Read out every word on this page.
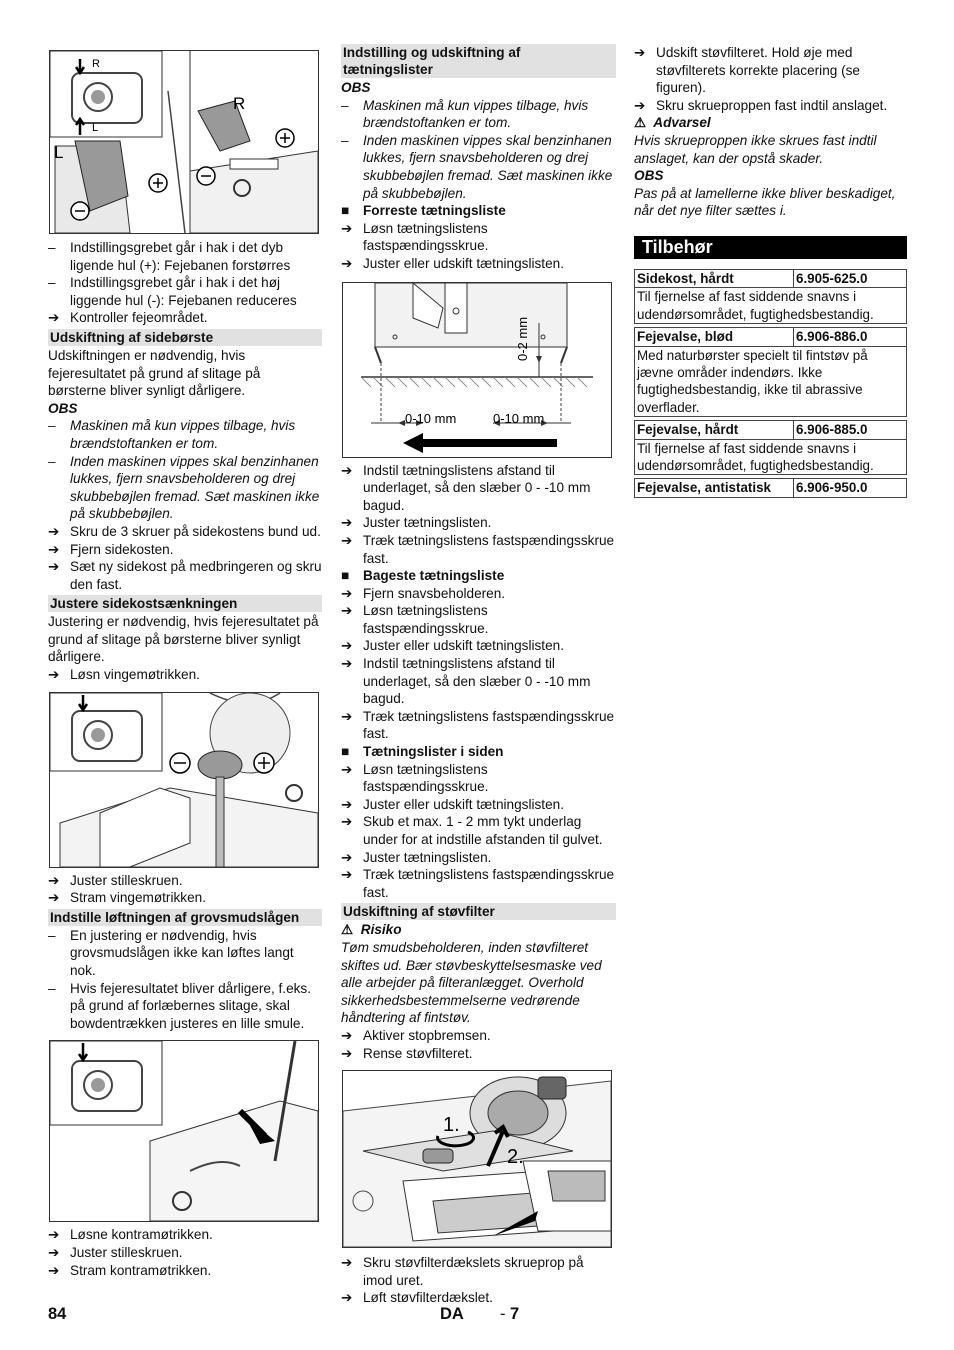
R
L
R
L
–	Indstillingsgrebet går i hak i det dyb ligende hul (+): Fejebanen forstørres
–	Indstillingsgrebet går i hak i det høj liggende hul (-): Fejebanen reduceres
➔ Kontroller fejeområdet.
Udskiftning af sidebørste

Udskiftningen er nødvendig, hvis fejeresultatet på grund af slitage på børsterne bliver synligt dårligere.

OBS
–	Maskinen må kun vippes tilbage, hvis brændstoftanken er tom.
–	Inden maskinen vippes skal benzinhanen lukkes, fjern snavsbeholderen og drej skubbebøjlen fremad. Sæt maskinen ikke på skubbebøjlen.
➔ Skru de 3 skruer på sidekostens bund ud.
➔ Fjern sidekosten.
➔ Sæt ny sidekost på medbringeren og skru den fast.
Justere sidekostsænkningen

Justering er nødvendig, hvis fejeresultatet på grund af slitage på børsterne bliver synligt dårligere.

➔ Løsn vingemøtrikken.
➔ Juster stilleskruen.
➔ Stram vingemøtrikken.
Indstille løftningen af grovsmudslågen
–	En justering er nødvendig, hvis grovsmudslågen ikke kan løftes langt nok.
–	Hvis fejeresultatet bliver dårligere, f.eks. på grund af forlæbernes slitage, skal bowdentrækken justeres en lille smule.
➔ Løsne kontramøtrikken.
➔ Juster stilleskruen.
➔ Stram kontramøtrikken.
Indstilling og udskiftning af tætningslister
OBS
–	Maskinen må kun vippes tilbage, hvis brændstoftanken er tom.
–	Inden maskinen vippes skal benzinhanen lukkes, fjern snavsbeholderen og drej skubbebøjlen fremad. Sæt maskinen ikke på skubbebøjlen.
■	Forreste tætningsliste
➔ Løsn tætningslistens fastspændingsskrue.
➔ Juster eller udskift tætningslisten.
0-10 mm	0-10 mm
0-2 mm
➔ Indstil tætningslistens afstand til underlaget, så den slæber 0 - -10 mm bagud.
➔ Juster tætningslisten.
➔ Træk tætningslistens fastspændingsskrue fast.
■	Bageste tætningsliste
➔ Fjern snavsbeholderen.
➔ Løsn tætningslistens fastspændingsskrue.
➔ Juster eller udskift tætningslisten.
➔ Indstil tætningslistens afstand til underlaget, så den slæber 0 - -10 mm bagud.
➔ Træk tætningslistens fastspændingsskrue fast.
■	Tætningslister i siden
➔ Løsn tætningslistens fastspændingsskrue.
➔ Juster eller udskift tætningslisten.
➔ Skub et max. 1 - 2 mm tykt underlag under for at indstille afstanden til gulvet.
➔ Juster tætningslisten.
➔ Træk tætningslistens fastspændingsskrue fast.
Udskiftning af støvfilter
⚠ Risiko

Tøm smudsbeholderen, inden støvfilteret skiftes ud. Bær støvbeskyttelsesmaske ved alle arbejder på filteranlægget. Overhold sikkerhedsbestemmelserne vedrørende håndtering af fintstøv.

➔ Aktiver stopbremsen.
➔ Rense støvfilteret.
1.
2.
➔ Skru støvfilterdækslets skrueprop på imod uret.
➔ Løft støvfilterdækslet.
➔ Udskift støvfilteret. Hold øje med støvfilterets korrekte placering (se figuren).
➔ Skru skrueproppen fast indtil anslaget.
⚠ Advarsel

Hvis skrueproppen ikke skrues fast indtil anslaget, kan der opstå skader.

OBS

Pas på at lamellerne ikke bliver beskadiget, når det nye filter sættes i.

Tilbehør
Sidekost, hårdt	6.905-625.0
Til fjernelse af fast siddende snavns i udendørsområdet, fugtighedsbestandig.	

Fejevalse, blød	6.906-886.0
Med naturbørster specielt til fintstøv på jævne områder indendørs. Ikke fugtighedsbestandig, ikke til abrassive overflader.	

Fejevalse, hårdt	6.906-885.0
Til fjernelse af fast siddende snavns i udendørsområdet, fugtighedsbestandig.	

Fejevalse, antistatisk	6.906-950.0
84	DA - 7
